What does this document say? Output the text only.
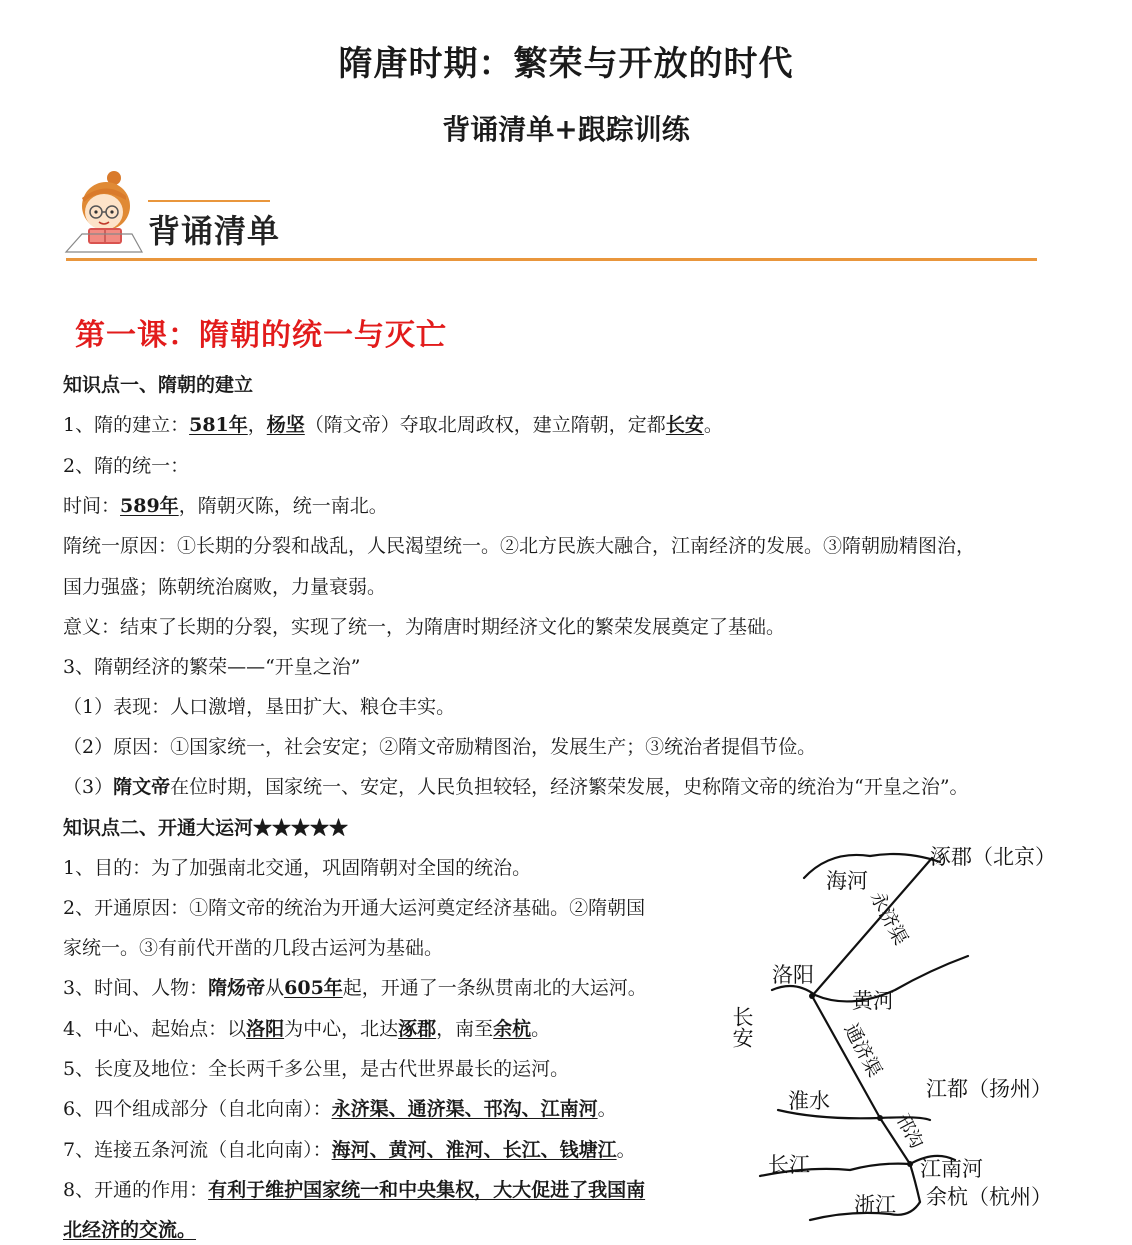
隋唐时期：繁荣与开放的时代
背诵清单+跟踪训练
背诵清单
第一课：隋朝的统一与灭亡
知识点一、隋朝的建立
1、隋的建立：581年，杨坚（隋文帝）夺取北周政权，建立隋朝，定都长安。
2、隋的统一：
时间：589年，隋朝灭陈，统一南北。
隋统一原因：①长期的分裂和战乱，人民渴望统一。②北方民族大融合，江南经济的发展。③隋朝励精图治，
国力强盛；陈朝统治腐败，力量衰弱。
意义：结束了长期的分裂，实现了统一，为隋唐时期经济文化的繁荣发展奠定了基础。
3、隋朝经济的繁荣——“开皇之治”
（1）表现：人口激增，垦田扩大、粮仓丰实。
（2）原因：①国家统一，社会安定；②隋文帝励精图治，发展生产；③统治者提倡节俭。
（3）隋文帝在位时期，国家统一、安定，人民负担较轻，经济繁荣发展，史称隋文帝的统治为“开皇之治”。
知识点二、开通大运河★★★★★
1、目的：为了加强南北交通，巩固隋朝对全国的统治。
2、开通原因：①隋文帝的统治为开通大运河奠定经济基础。②隋朝国
家统一。③有前代开凿的几段古运河为基础。
3、时间、人物：隋炀帝从605年起，开通了一条纵贯南北的大运河。
4、中心、起始点：以洛阳为中心，北达涿郡，南至余杭。
5、长度及地位：全长两千多公里，是古代世界最长的运河。
6、四个组成部分（自北向南）：永济渠、通济渠、邗沟、江南河。
7、连接五条河流（自北向南）：海河、黄河、淮河、长江、钱塘江。
8、开通的作用：有利于维护国家统一和中央集权，大大促进了我国南
北经济的交流。
涿郡（北京）
海河
永济渠
洛阳
黄河
长安	通济渠
淮水	江都（扬州）
邗沟
长江	江南河
浙江 余杭（杭州）
